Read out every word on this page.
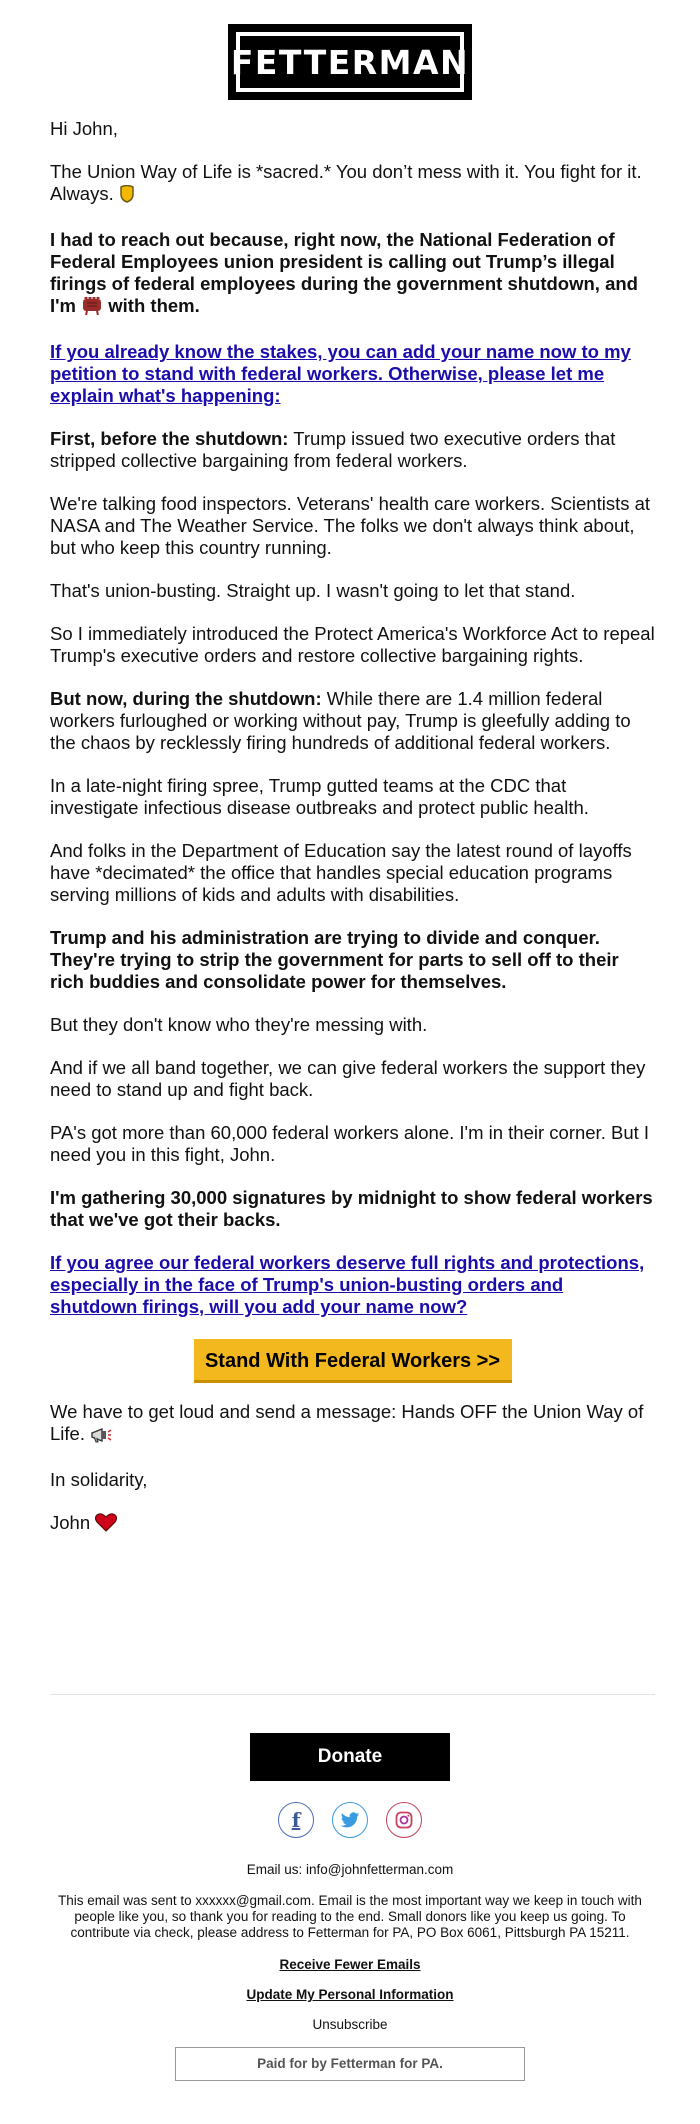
FETTERMAN

Hi John,

The Union Way of Life is *sacred.* You don’t mess with it. You fight for it. Always.

I had to reach out because, right now, the National Federation of Federal Employees union president is calling out Trump’s illegal firings of federal employees during the government shutdown, and I'm with them.

If you already know the stakes, you can add your name now to my petition to stand with federal workers. Otherwise, please let me explain what's happening:

First, before the shutdown: Trump issued two executive orders that stripped collective bargaining from federal workers.

We're talking food inspectors. Veterans' health care workers. Scientists at NASA and The Weather Service. The folks we don't always think about, but who keep this country running.

That's union-busting. Straight up. I wasn't going to let that stand.

So I immediately introduced the Protect America's Workforce Act to repeal Trump's executive orders and restore collective bargaining rights.

But now, during the shutdown: While there are 1.4 million federal workers furloughed or working without pay, Trump is gleefully adding to the chaos by recklessly firing hundreds of additional federal workers.

In a late-night firing spree, Trump gutted teams at the CDC that investigate infectious disease outbreaks and protect public health.

And folks in the Department of Education say the latest round of layoffs have *decimated* the office that handles special education programs serving millions of kids and adults with disabilities.

Trump and his administration are trying to divide and conquer. They're trying to strip the government for parts to sell off to their rich buddies and consolidate power for themselves.

But they don't know who they're messing with.

And if we all band together, we can give federal workers the support they need to stand up and fight back.

PA's got more than 60,000 federal workers alone. I'm in their corner. But I need you in this fight, John.

I'm gathering 30,000 signatures by midnight to show federal workers that we've got their backs.

If you agree our federal workers deserve full rights and protections, especially in the face of Trump's union-busting orders and shutdown firings, will you add your name now?

Stand With Federal Workers >>

We have to get loud and send a message: Hands OFF the Union Way of Life.

In solidarity,

John

Donate
f
Email us: info@johnfetterman.com
This email was sent to xxxxxx@gmail.com. Email is the most important way we keep in touch with people like you, so thank you for reading to the end. Small donors like you keep us going. To contribute via check, please address to Fetterman for PA, PO Box 6061, Pittsburgh PA 15211.
Receive Fewer Emails
Update My Personal Information
Unsubscribe
Paid for by Fetterman for PA.
